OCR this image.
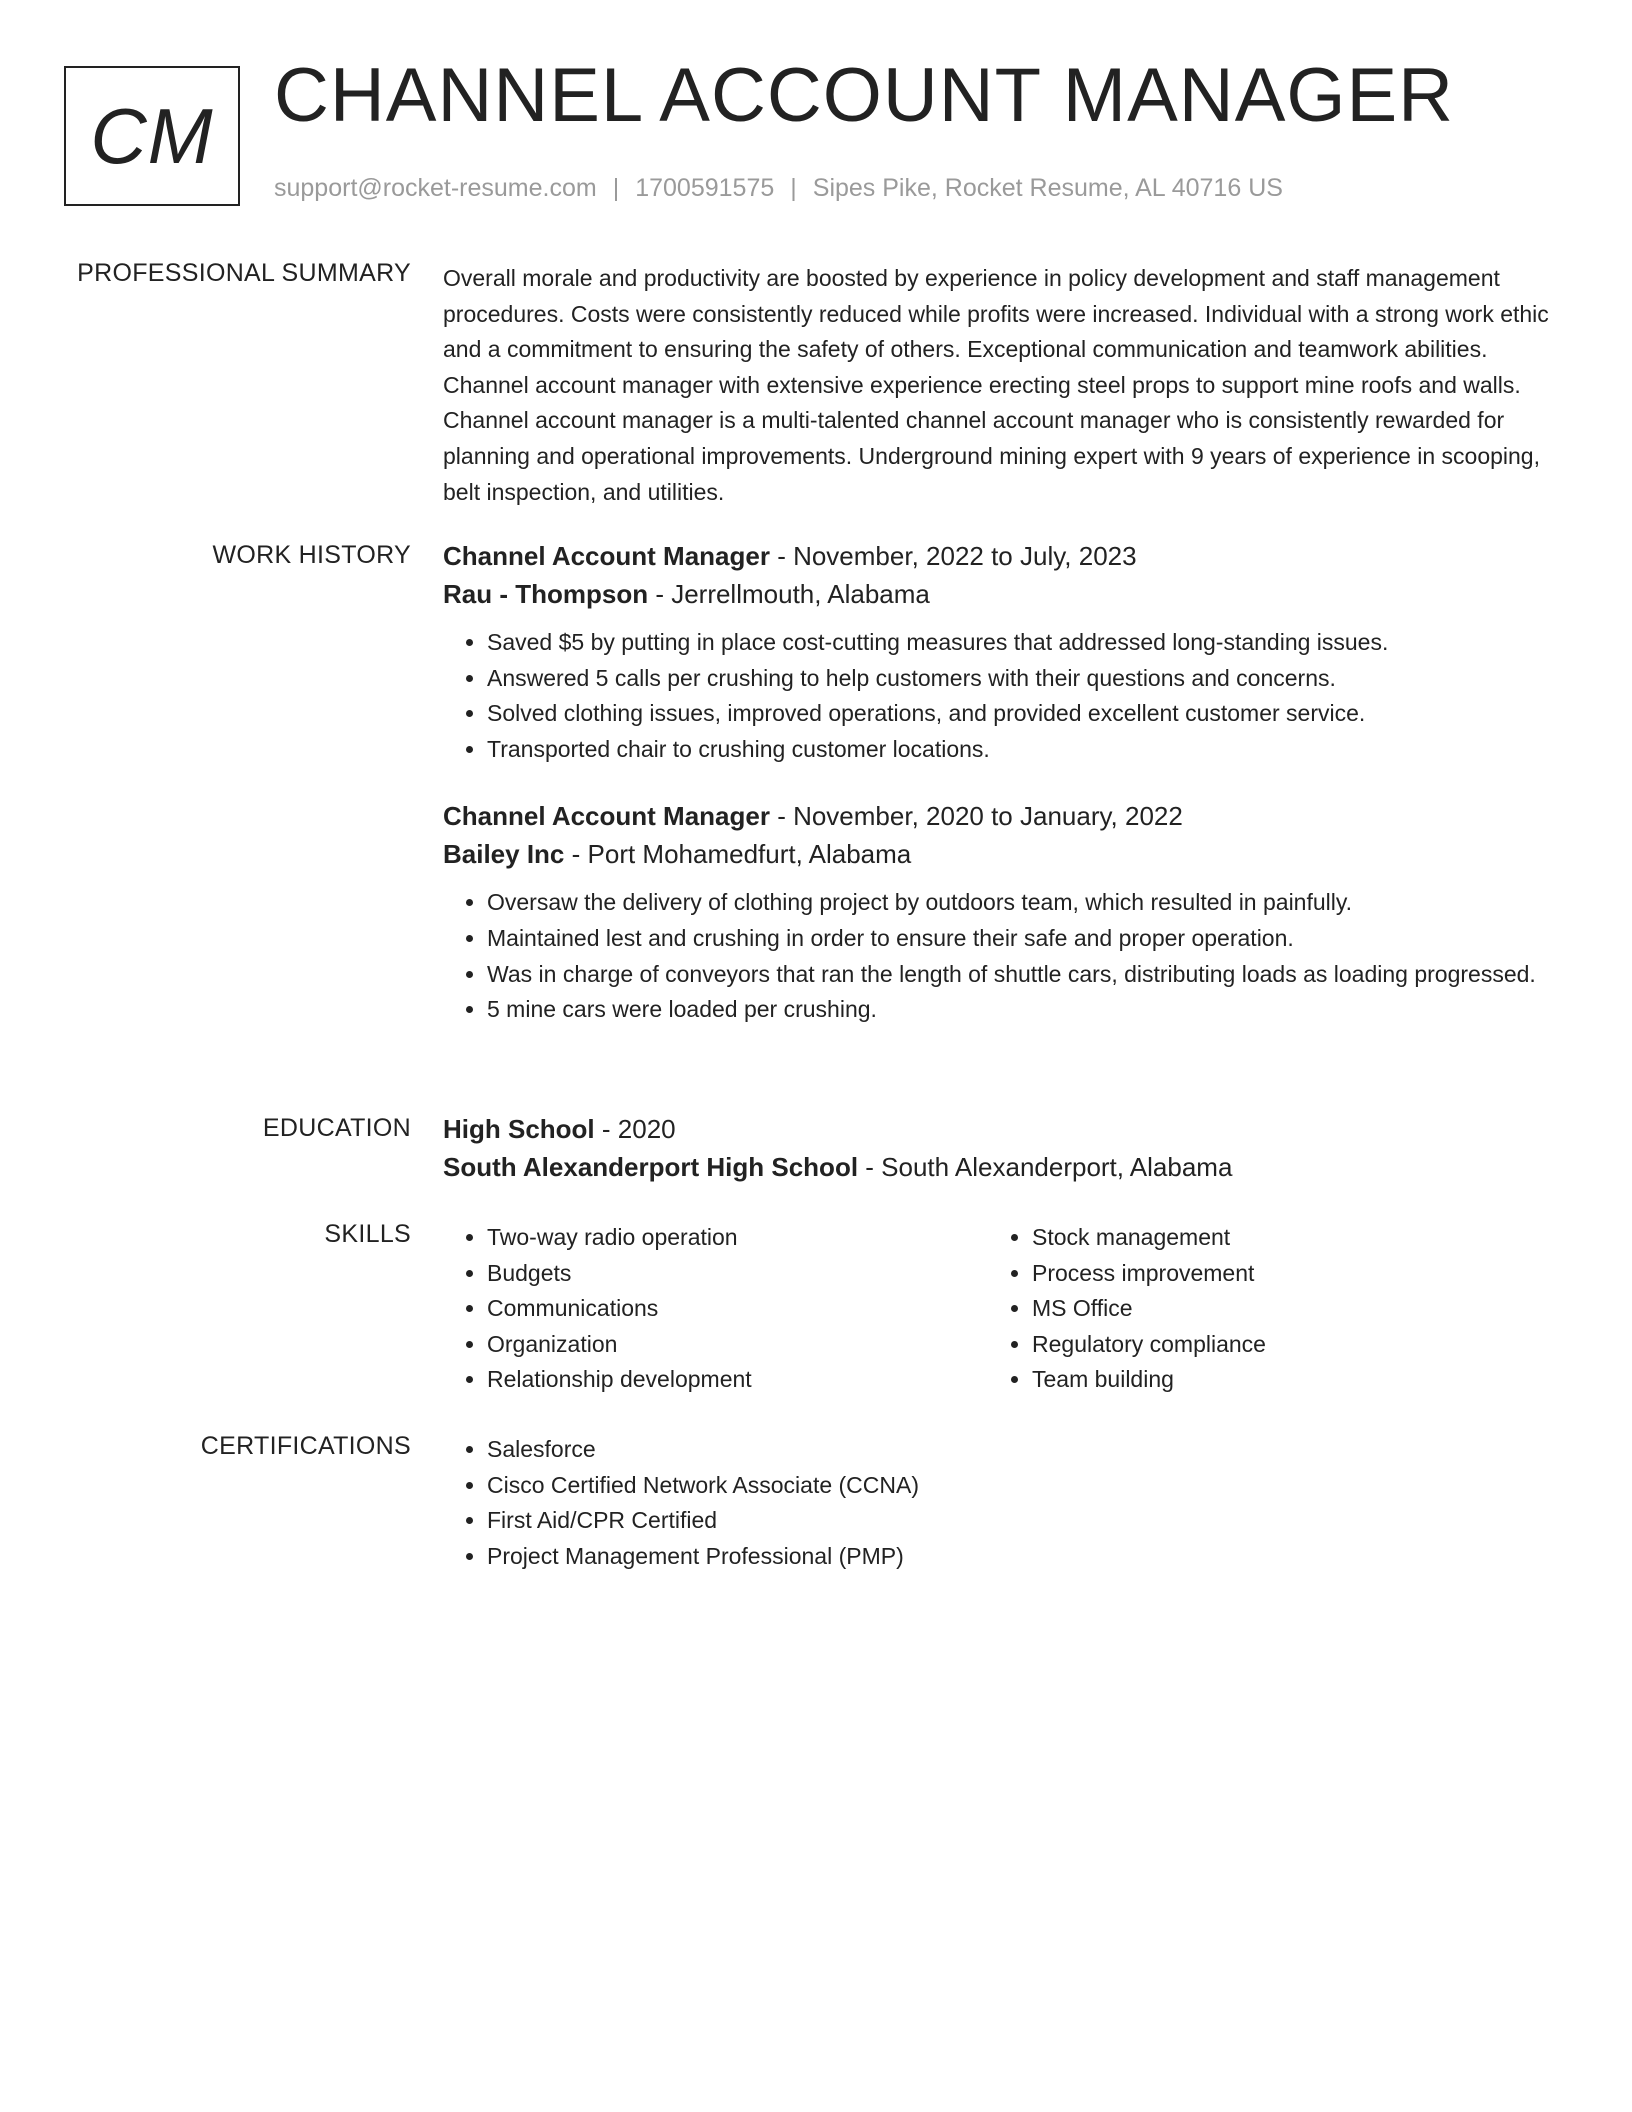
CM CHANNEL ACCOUNT MANAGER
support@rocket-resume.com | 1700591575 | Sipes Pike, Rocket Resume, AL 40716 US
PROFESSIONAL SUMMARY Overall morale and productivity are boosted by experience in policy development and staff management procedures. Costs were consistently reduced while profits were increased. Individual with a strong work ethic and a commitment to ensuring the safety of others. Exceptional communication and teamwork abilities. Channel account manager with extensive experience erecting steel props to support mine roofs and walls. Channel account manager is a multi-talented channel account manager who is consistently rewarded for planning and operational improvements. Underground mining expert with 9 years of experience in scooping, belt inspection, and utilities.

WORK HISTORY Channel Account Manager - November, 2022 to July, 2023
Rau - Thompson - Jerrellmouth, Alabama
• Saved $5 by putting in place cost-cutting measures that addressed long-standing issues.
• Answered 5 calls per crushing to help customers with their questions and concerns.
• Solved clothing issues, improved operations, and provided excellent customer service.
• Transported chair to crushing customer locations.
Channel Account Manager - November, 2020 to January, 2022
Bailey Inc - Port Mohamedfurt, Alabama
• Oversaw the delivery of clothing project by outdoors team, which resulted in painfully.
• Maintained lest and crushing in order to ensure their safe and proper operation.
• Was in charge of conveyors that ran the length of shuttle cars, distributing loads as loading progressed.
• 5 mine cars were loaded per crushing.
EDUCATION High School - 2020
South Alexanderport High School - South Alexanderport, Alabama
SKILLS	• Two-way radio operation
• Budgets
• Communications
• Organization
• Relationship development
• Stock management
• Process improvement
• MS Office
• Regulatory compliance
• Team building
CERTIFICATIONS	• Salesforce
• Cisco Certified Network Associate (CCNA)
• First Aid/CPR Certified
• Project Management Professional (PMP)
